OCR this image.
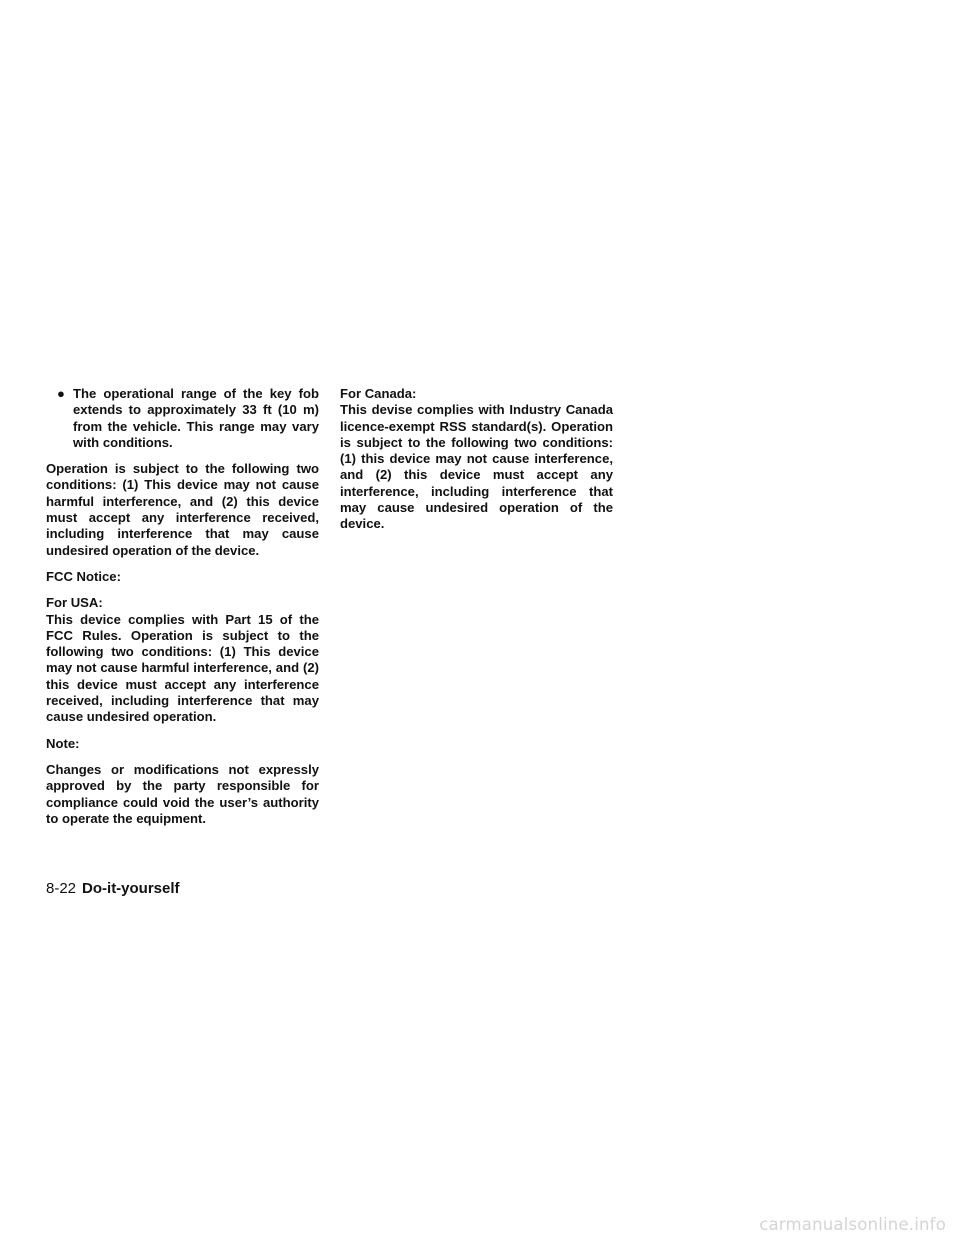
● The operational range of the key fob extends to approximately 33 ft (10 m) from the vehicle. This range may vary with conditions.

Operation is subject to the following two conditions: (1) This device may not cause harmful interference, and (2) this device must accept any interference received, including interference that may cause undesired operation of the device.

FCC Notice:

For USA:
This device complies with Part 15 of the FCC Rules. Operation is subject to the following two conditions: (1) This device may not cause harmful interference, and (2) this device must accept any interference received, including interference that may cause undesired operation.

Note:

Changes or modifications not expressly approved by the party responsible for compliance could void the user’s authority to operate the equipment.

For Canada:
This devise complies with Industry Canada licence-exempt RSS standard(s). Operation is subject to the following two conditions: (1) this device may not cause interference, and (2) this device must accept any interference, including interference that may cause undesired operation of the device.

8-22 Do-it-yourself
carmanualsonline.info
